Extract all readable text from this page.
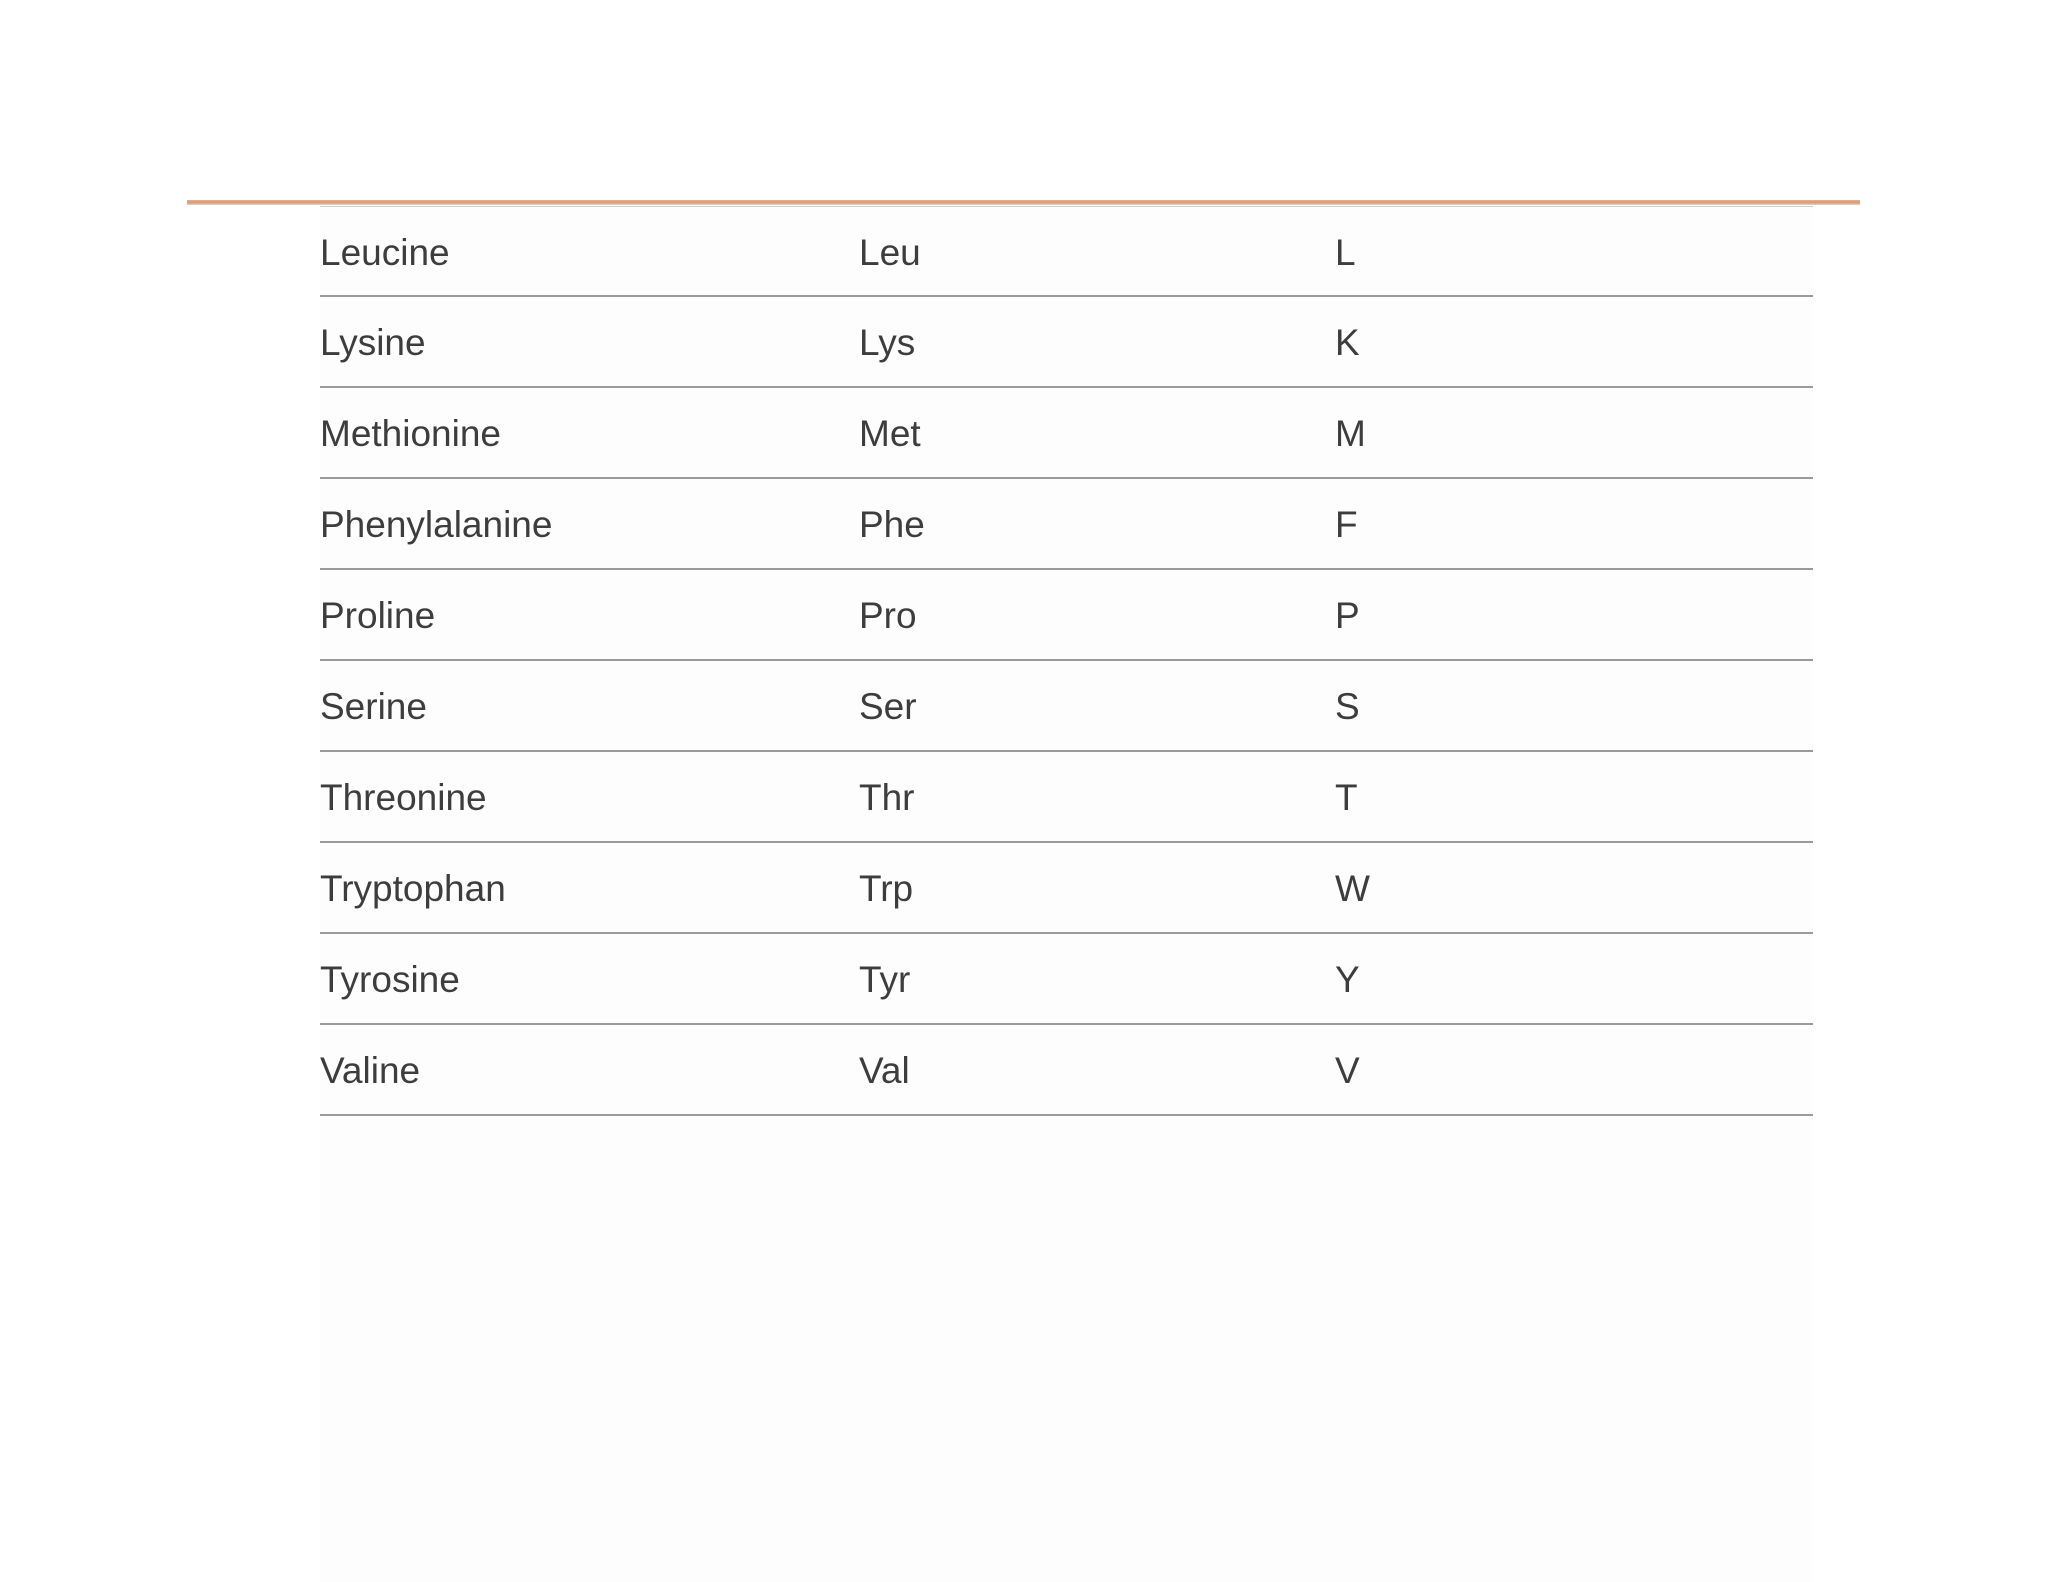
Leucine	Leu	L
Lysine	Lys	K
Methionine	Met	M
Phenylalanine	Phe	F
Proline	Pro	P
Serine	Ser	S
Threonine	Thr	T
Tryptophan	Trp	W
Tyrosine	Tyr	Y
Valine	Val	V
